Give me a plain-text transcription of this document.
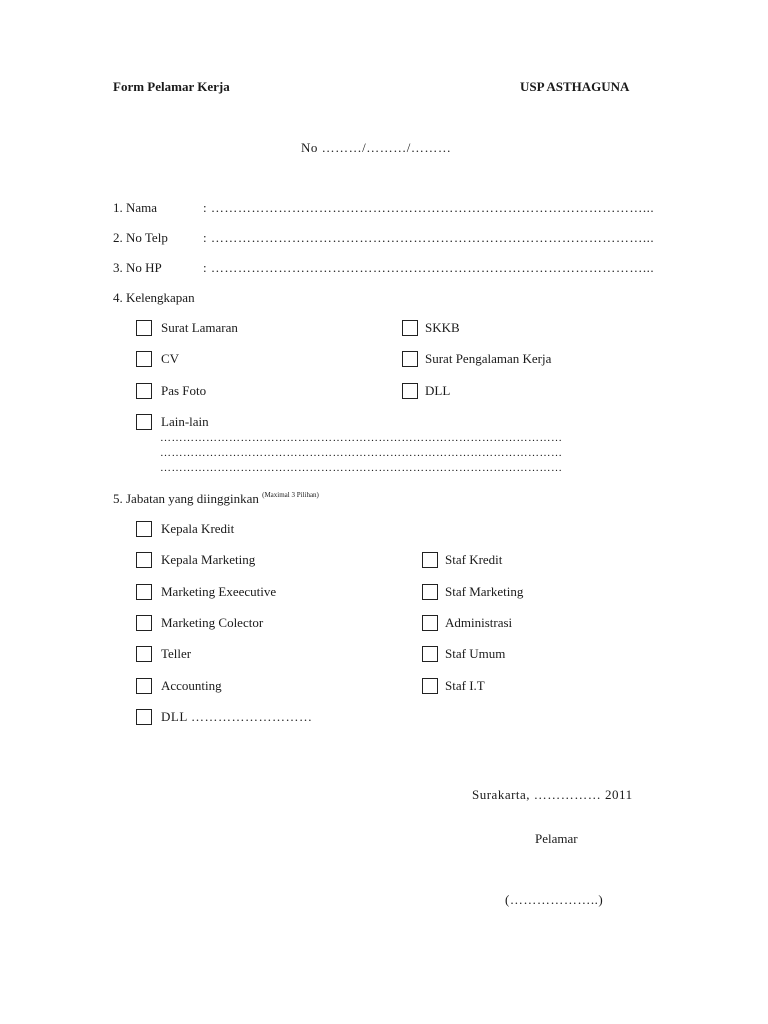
Form Pelamar Kerja	USP ASTHAGUNA
No ………/………/………
1. Nama	: ……………………………………………………………………………………...
2. No Telp	: ……………………………………………………………………………………...
3. No HP	: ……………………………………………………………………………………...
4. Kelengkapan
Surat Lamaran	SKKB
CV	Surat Pengalaman Kerja
Pas Foto	DLL
Lain-lain
……………………………………………………………………………………………
……………………………………………………………………………………………
……………………………………………………………………………………………
5. Jabatan yang diingginkan $^{(Maximal 3 Pilihan)}$
Kepala Kredit
Kepala Marketing	Staf Kredit
Marketing Exeecutive	Staf Marketing
Marketing Colector	Administrasi
Teller	Staf Umum
Accounting	Staf I.T
DLL ………………………
Surakarta, …………… 2011
Pelamar
(………………..)
